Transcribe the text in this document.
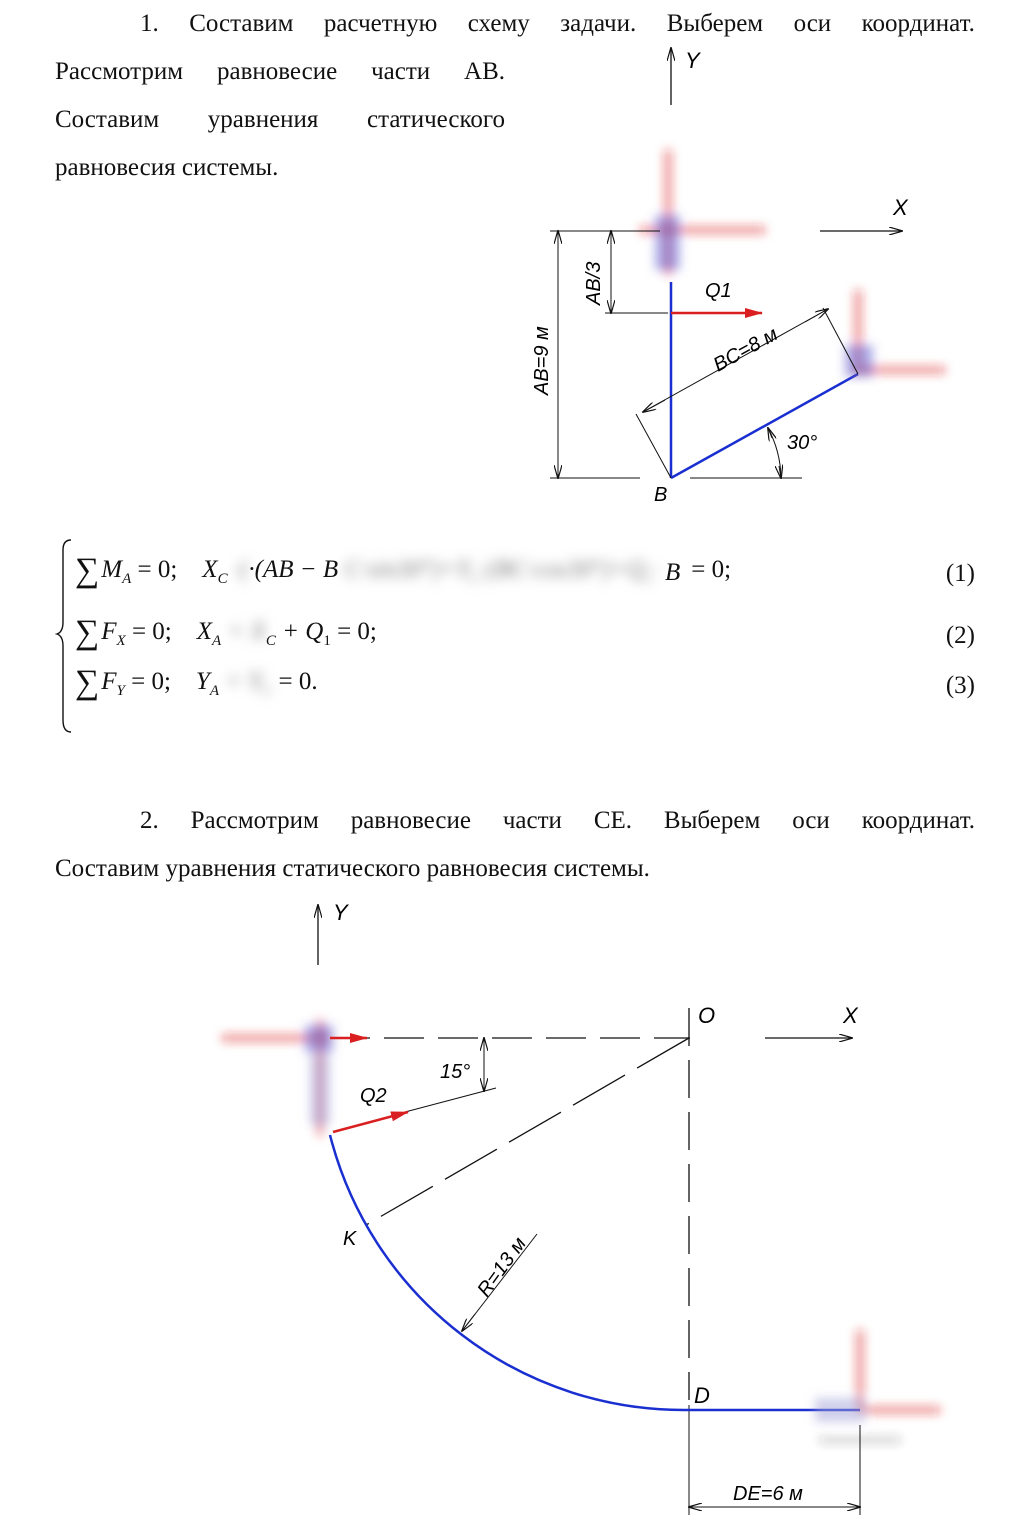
1. Составим расчетную схему задачи. Выберем оси координат.
Рассмотрим равновесие части АВ.
Составим уравнения статического
равновесия системы.
Y
X
Q1
AB/3
AB=9 м	BC=8 м
30°
B
$\sum M_A = 0$; $X_C \cdot(\cdot(AB - B$ $C\cdot\sin 30^\circ)+Y_C\cdot(BC\cdot\cos 30^\circ)+Q_1\cdot B = 0$;	(1)
$\sum F_X = 0$; $X_A + X_C + Q_1 = 0$;	(2)
$\sum F_Y = 0$; $Y_A + Y_C = 0$.	(3)
2. Рассмотрим равновесие части СЕ. Выберем оси координат.
Составим уравнения статического равновесия системы.
Y
X
O
15°
Q2
K	R=13 м
D
DE=6 м
